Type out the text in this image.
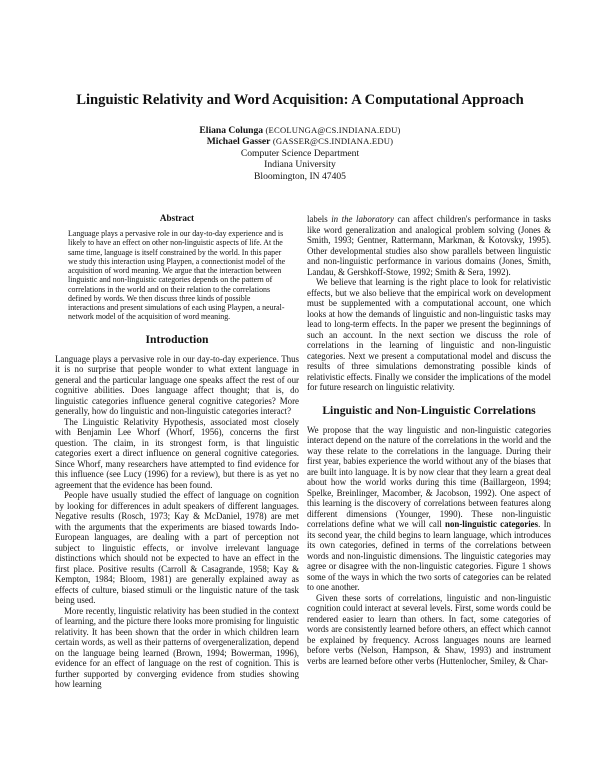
Linguistic Relativity and Word Acquisition: A Computational Approach
Eliana Colunga (ECOLUNGA@CS.INDIANA.EDU)
Michael Gasser (GASSER@CS.INDIANA.EDU)
Computer Science Department
Indiana University
Bloomington, IN 47405
Abstract

Language plays a pervasive role in our day-to-day experience and is likely to have an effect on other non-linguistic aspects of life. At the same time, language is itself constrained by the world. In this paper we study this interaction using Playpen, a connectionist model of the acquisition of word meaning. We argue that the interaction between linguistic and non-linguistic categories depends on the pattern of correlations in the world and on their relation to the correlations defined by words. We then discuss three kinds of possible interactions and present simulations of each using Playpen, a neural-network model of the acquisition of word meaning.

Introduction

Language plays a pervasive role in our day-to-day experience. Thus it is no surprise that people wonder to what extent language in general and the particular language one speaks affect the rest of our cognitive abilities. Does language affect thought; that is, do linguistic categories influence general cognitive categories? More generally, how do linguistic and non-linguistic categories interact?

The Linguistic Relativity Hypothesis, associated most closely with Benjamin Lee Whorf (Whorf, 1956), concerns the first question. The claim, in its strongest form, is that linguistic categories exert a direct influence on general cognitive categories. Since Whorf, many researchers have attempted to find evidence for this influence (see Lucy (1996) for a review), but there is as yet no agreement that the evidence has been found.

People have usually studied the effect of language on cognition by looking for differences in adult speakers of different languages. Negative results (Rosch, 1973; Kay & McDaniel, 1978) are met with the arguments that the experiments are biased towards Indo-European languages, are dealing with a part of perception not subject to linguistic effects, or involve irrelevant language distinctions which should not be expected to have an effect in the first place. Positive results (Carroll & Casagrande, 1958; Kay & Kempton, 1984; Bloom, 1981) are generally explained away as effects of culture, biased stimuli or the linguistic nature of the task being used.

More recently, linguistic relativity has been studied in the context of learning, and the picture there looks more promising for linguistic relativity. It has been shown that the order in which children learn certain words, as well as their patterns of overgeneralization, depend on the language being learned (Brown, 1994; Bowerman, 1996), evidence for an effect of language on the rest of cognition. This is further supported by converging evidence from studies showing how learning

labels in the laboratory can affect children's performance in tasks like word generalization and analogical problem solving (Jones & Smith, 1993; Gentner, Rattermann, Markman, & Kotovsky, 1995). Other developmental studies also show parallels between linguistic and non-linguistic performance in various domains (Jones, Smith, Landau, & Gershkoff-Stowe, 1992; Smith & Sera, 1992).

We believe that learning is the right place to look for relativistic effects, but we also believe that the empirical work on development must be supplemented with a computational account, one which looks at how the demands of linguistic and non-linguistic tasks may lead to long-term effects. In the paper we present the beginnings of such an account. In the next section we discuss the role of correlations in the learning of linguistic and non-linguistic categories. Next we present a computational model and discuss the results of three simulations demonstrating possible kinds of relativistic effects. Finally we consider the implications of the model for future research on linguistic relativity.

Linguistic and Non-Linguistic Correlations

We propose that the way linguistic and non-linguistic categories interact depend on the nature of the correlations in the world and the way these relate to the correlations in the language. During their first year, babies experience the world without any of the biases that are built into language. It is by now clear that they learn a great deal about how the world works during this time (Baillargeon, 1994; Spelke, Breinlinger, Macomber, & Jacobson, 1992). One aspect of this learning is the discovery of correlations between features along different dimensions (Younger, 1990). These non-linguistic correlations define what we will call non-linguistic categories. In its second year, the child begins to learn language, which introduces its own categories, defined in terms of the correlations between words and non-linguistic dimensions. The linguistic categories may agree or disagree with the non-linguistic categories. Figure 1 shows some of the ways in which the two sorts of categories can be related to one another.

Given these sorts of correlations, linguistic and non-linguistic cognition could interact at several levels. First, some words could be rendered easier to learn than others. In fact, some categories of words are consistently learned before others, an effect which cannot be explained by frequency. Across languages nouns are learned before verbs (Nelson, Hampson, & Shaw, 1993) and instrument verbs are learned before other verbs (Huttenlocher, Smiley, & Char-
